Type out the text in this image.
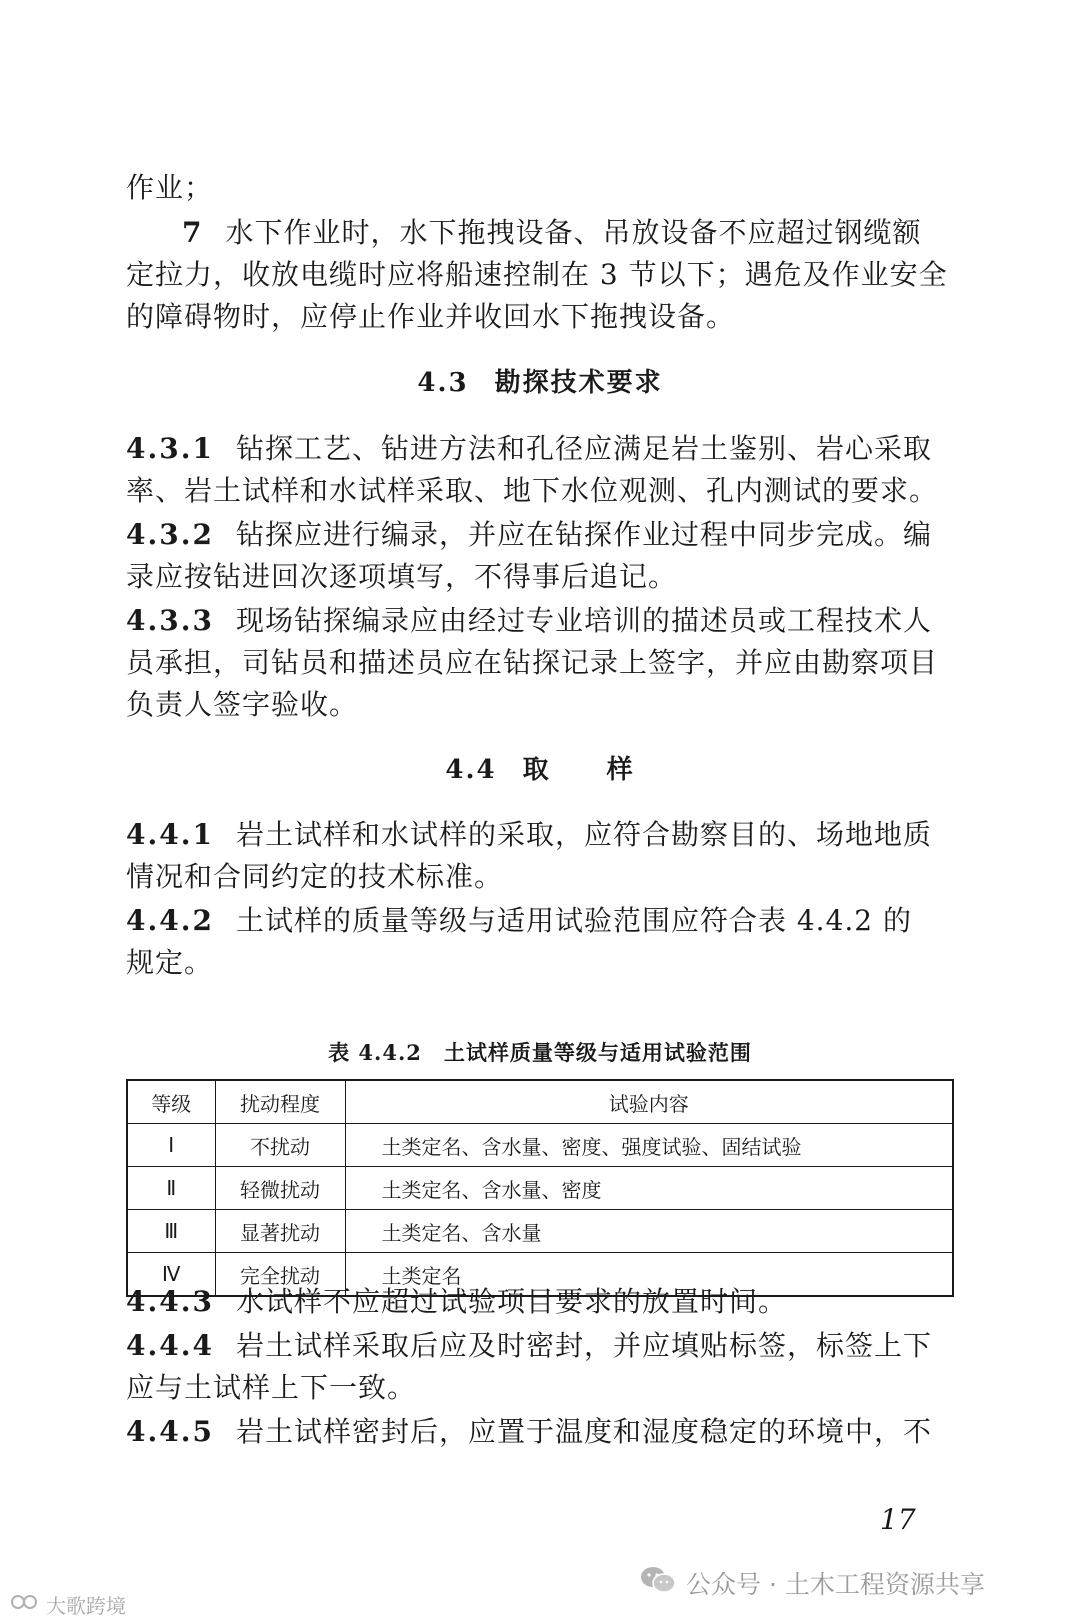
作业；
7 水下作业时，水下拖拽设备、吊放设备不应超过钢缆额
定拉力，收放电缆时应将船速控制在 3 节以下；遇危及作业安全
的障碍物时，应停止作业并收回水下拖拽设备。
4.3 勘探技术要求
4.3.1 钻探工艺、钻进方法和孔径应满足岩土鉴别、岩心采取
率、岩土试样和水试样采取、地下水位观测、孔内测试的要求。
4.3.2 钻探应进行编录，并应在钻探作业过程中同步完成。编
录应按钻进回次逐项填写，不得事后追记。
4.3.3 现场钻探编录应由经过专业培训的描述员或工程技术人
员承担，司钻员和描述员应在钻探记录上签字，并应由勘察项目
负责人签字验收。
4.4 取　　样
4.4.1 岩土试样和水试样的采取，应符合勘察目的、场地地质
情况和合同约定的技术标准。
4.4.2 土试样的质量等级与适用试验范围应符合表 4.4.2 的
规定。
表 4.4.2 土试样质量等级与适用试验范围
等级	扰动程度	试验内容
Ⅰ	不扰动	土类定名、含水量、密度、强度试验、固结试验
Ⅱ	轻微扰动	土类定名、含水量、密度
Ⅲ	显著扰动	土类定名、含水量
Ⅳ	完全扰动	土类定名
4.4.3 水试样不应超过试验项目要求的放置时间。
4.4.4 岩土试样采取后应及时密封，并应填贴标签，标签上下
应与土试样上下一致。
4.4.5 岩土试样密封后，应置于温度和湿度稳定的环境中，不
17
公众号 · 土木工程资源共享
大歌跨境
